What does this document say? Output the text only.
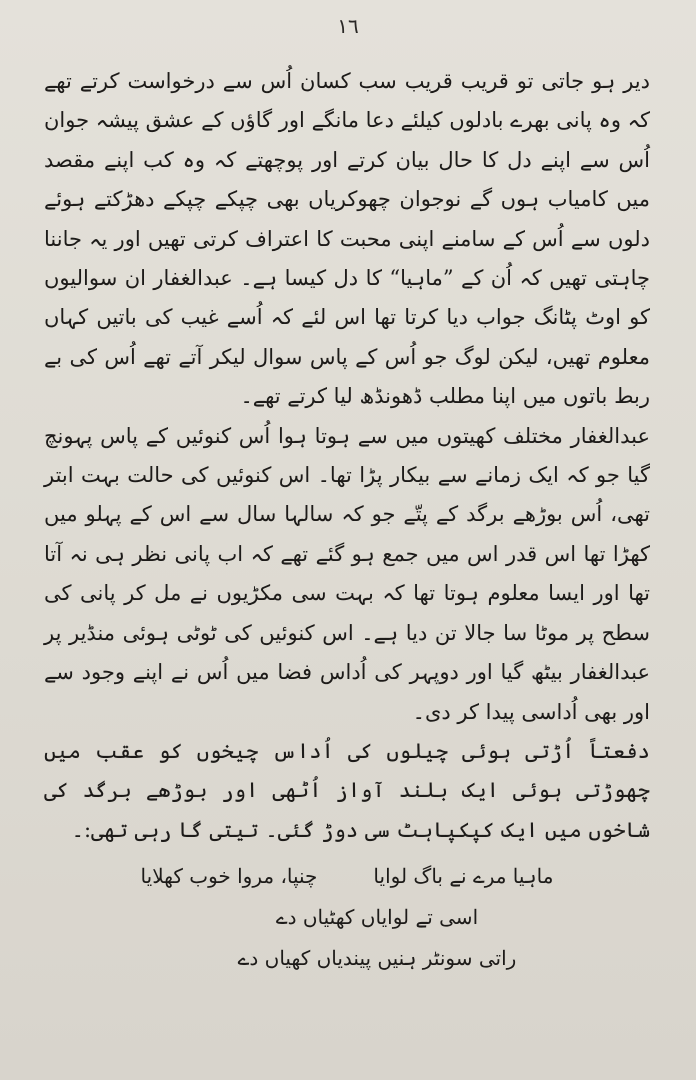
١٦

دیر ہو جاتی تو قریب قریب سب کسان اُس سے درخواست کرتے تھے کہ وہ پانی بھرے بادلوں کیلئے دعا مانگے اور گاؤں کے عشق پیشہ جوان اُس سے اپنے دل کا حال بیان کرتے اور پوچھتے کہ وہ کب اپنے مقصد میں کامیاب ہوں گے نوجوان چھوکریاں بھی چپکے چپکے دھڑکتے ہوئے دلوں سے اُس کے سامنے اپنی محبت کا اعتراف کرتی تھیں اور یہ جاننا چاہتی تھیں کہ اُن کے ”ماہیا“ کا دل کیسا ہے۔ عبدالغفار ان سوالیوں کو اوٹ پٹانگ جواب دیا کرتا تھا اس لئے کہ اُسے غیب کی باتیں کہاں معلوم تھیں، لیکن لوگ جو اُس کے پاس سوال لیکر آتے تھے اُس کی بے ربط باتوں میں اپنا مطلب ڈھونڈھ لیا کرتے تھے۔

عبدالغفار مختلف کھیتوں میں سے ہوتا ہوا اُس کنوئیں کے پاس پہونچ گیا جو کہ ایک زمانے سے بیکار پڑا تھا۔ اس کنوئیں کی حالت بہت ابتر تھی، اُس بوڑھے برگد کے پتّے جو کہ سالہا سال سے اس کے پہلو میں کھڑا تھا اس قدر اس میں جمع ہو گئے تھے کہ اب پانی نظر ہی نہ آتا تھا اور ایسا معلوم ہوتا تھا کہ بہت سی مکڑیوں نے مل کر پانی کی سطح پر موٹا سا جالا تن دیا ہے۔ اس کنوئیں کی ٹوٹی ہوئی منڈیر پر عبدالغفار بیٹھ گیا اور دوپہر کی اُداس فضا میں اُس نے اپنے وجود سے اور بھی اُداسی پیدا کر دی۔

دفعتاً اُڑتی ہوئی چیلوں کی اُداس چیخوں کو عقب میں چھوڑتی ہوئی ایک بلند آواز اُٹھی اور بوڑھے برگد کی شاخوں میں ایک کپکپاہٹ سی دوڑ گئی۔ تیتی گا رہی تھی:۔

ماہیا مرے نے باگ لوایا
چنپا، مروا خوب کھلایا
اسی تے لوایاں کھٹیاں دے
راتی سونٹر ہنیں پیندیاں کھیاں دے
